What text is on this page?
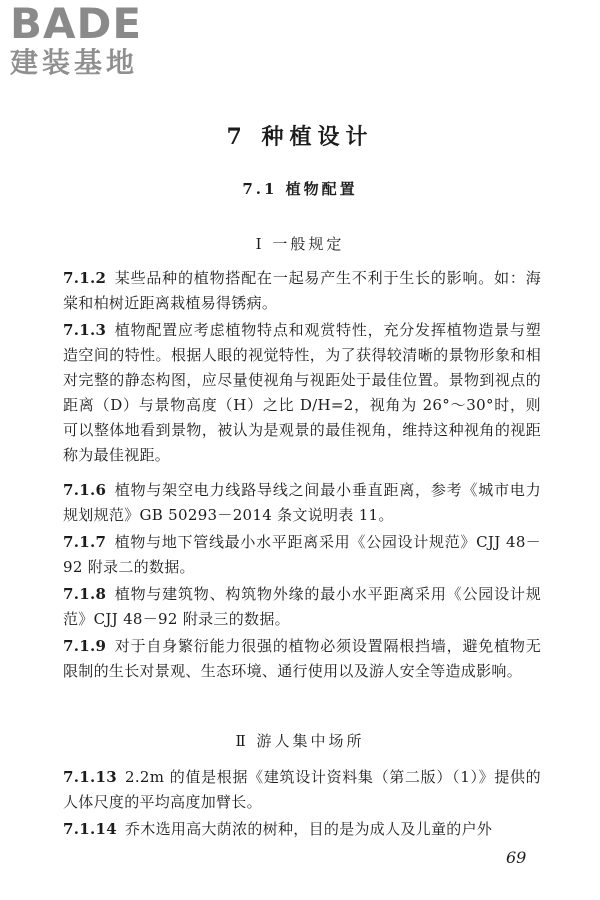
BADE
建装基地
7 种植设计
7.1 植物配置
Ⅰ 一般规定
7.1.2 某些品种的植物搭配在一起易产生不利于生长的影响。如：海棠和柏树近距离栽植易得锈病。
7.1.3 植物配置应考虑植物特点和观赏特性，充分发挥植物造景与塑造空间的特性。根据人眼的视觉特性，为了获得较清晰的景物形象和相对完整的静态构图，应尽量使视角与视距处于最佳位置。景物到视点的距离（D）与景物高度（H）之比 D/H=2，视角为 26°～30°时，则可以整体地看到景物，被认为是观景的最佳视角，维持这种视角的视距称为最佳视距。
7.1.6 植物与架空电力线路导线之间最小垂直距离，参考《城市电力规划规范》GB 50293－2014 条文说明表 11。
7.1.7 植物与地下管线最小水平距离采用《公园设计规范》CJJ 48－92 附录二的数据。
7.1.8 植物与建筑物、构筑物外缘的最小水平距离采用《公园设计规范》CJJ 48－92 附录三的数据。
7.1.9 对于自身繁衍能力很强的植物必须设置隔根挡墙，避免植物无限制的生长对景观、生态环境、通行使用以及游人安全等造成影响。
Ⅱ 游人集中场所
7.1.13 2.2m 的值是根据《建筑设计资料集（第二版）（1）》提供的人体尺度的平均高度加臂长。
7.1.14 乔木选用高大荫浓的树种，目的是为成人及儿童的户外
69
